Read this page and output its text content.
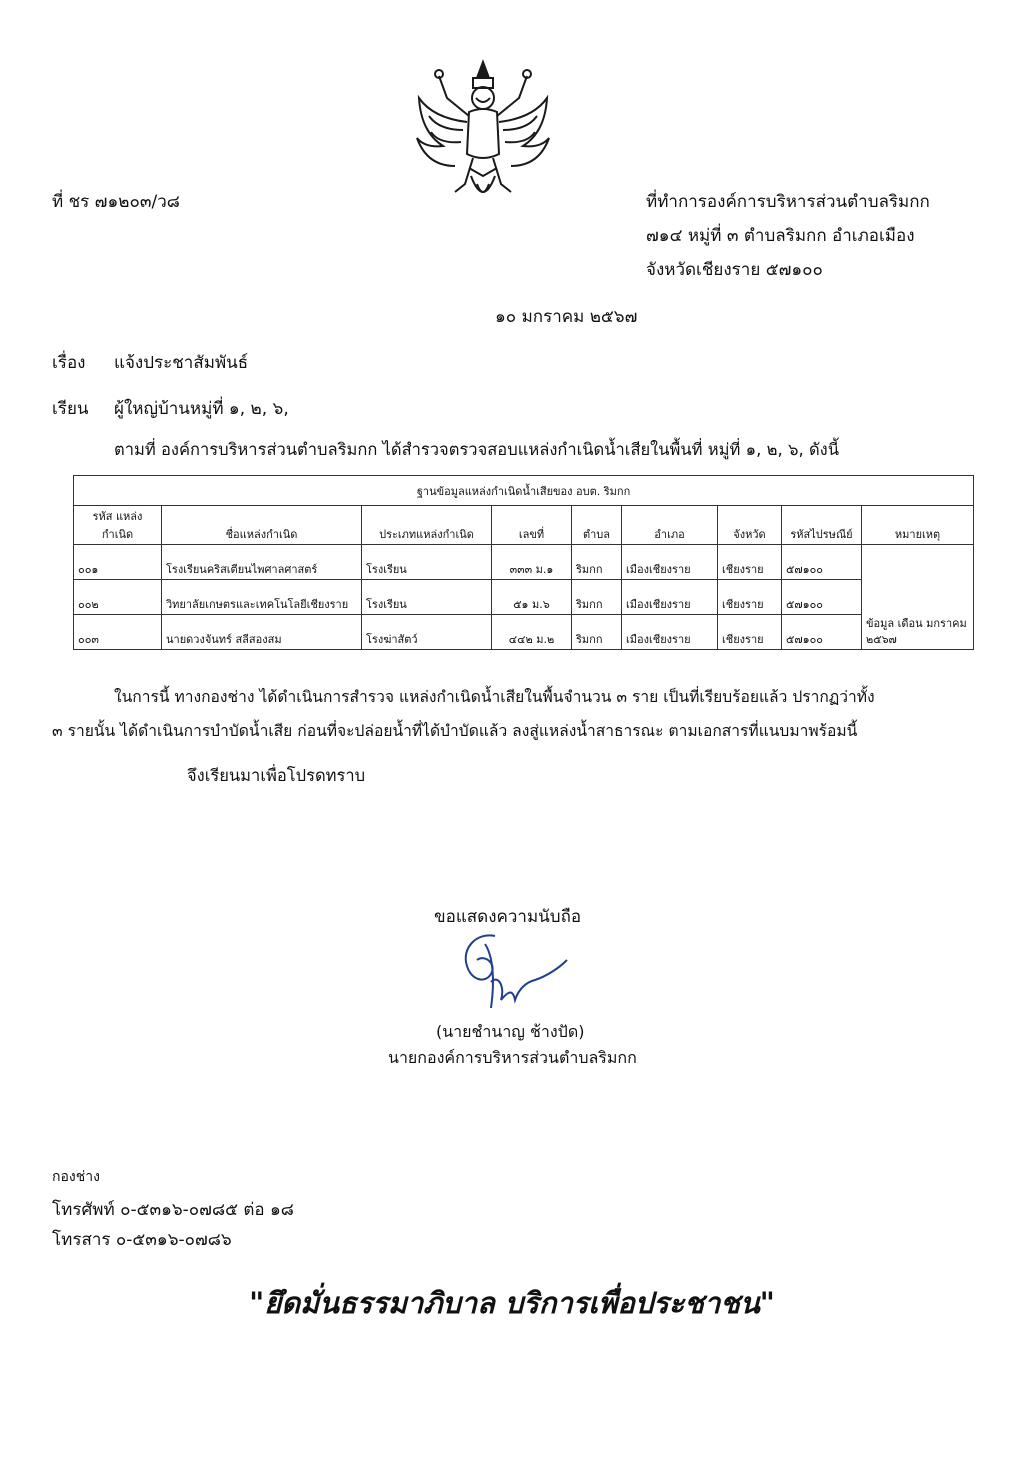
ที่ ชร ๗๑๒๐๓/ว๘	ที่ทำการองค์การบริหารส่วนตำบลริมกก
๗๑๔ หมู่ที่ ๓ ตำบลริมกก อำเภอเมือง
จังหวัดเชียงราย ๕๗๑๐๐
๑๐ มกราคม ๒๕๖๗
เรื่อง แจ้งประชาสัมพันธ์
เรียน ผู้ใหญ่บ้านหมู่ที่ ๑, ๒, ๖,
ตามที่ องค์การบริหารส่วนตำบลริมกก ได้สำรวจตรวจสอบแหล่งกำเนิดน้ำเสียในพื้นที่ หมู่ที่ ๑, ๒, ๖, ดังนี้
ฐานข้อมูลแหล่งกำเนิดน้ำเสียของ อบต. ริมกก								
รหัส แหล่งกำเนิด	ชื่อแหล่งกำเนิด	ประเภทแหล่งกำเนิด	เลขที่	ตำบล	อำเภอ	จังหวัด	รหัสไปรษณีย์	หมายเหตุ
๐๐๑	โรงเรียนคริสเตียนไพศาลศาสตร์	โรงเรียน	๓๓๓ ม.๑	ริมกก	เมืองเชียงราย	เชียงราย	๕๗๑๐๐	ข้อมูล เดือน มกราคม ๒๕๖๗
๐๐๒	วิทยาลัยเกษตรและเทคโนโลยีเชียงราย	โรงเรียน	๕๑ ม.๖	ริมกก	เมืองเชียงราย	เชียงราย	๕๗๑๐๐	
๐๐๓	นายดวงจันทร์ สลีสองสม	โรงฆ่าสัตว์	๔๔๒ ม.๒	ริมกก	เมืองเชียงราย	เชียงราย	๕๗๑๐๐	
ในการนี้ ทางกองช่าง ได้ดำเนินการสำรวจ แหล่งกำเนิดน้ำเสียในพื้นจำนวน ๓ ราย เป็นที่เรียบร้อยแล้ว ปรากฏว่าทั้ง
๓ รายนั้น ได้ดำเนินการบำบัดน้ำเสีย ก่อนที่จะปล่อยน้ำที่ได้บำบัดแล้ว ลงสู่แหล่งน้ำสาธารณะ ตามเอกสารที่แนบมาพร้อมนี้
จึงเรียนมาเพื่อโปรดทราบ
ขอแสดงความนับถือ
(นายชำนาญ ช้างปัด)
นายกองค์การบริหารส่วนตำบลริมกก
กองช่าง
โทรศัพท์ ๐-๕๓๑๖-๐๗๘๕ ต่อ ๑๘
โทรสาร ๐-๕๓๑๖-๐๗๘๖
"ยึดมั่นธรรมาภิบาล บริการเพื่อประชาชน"
